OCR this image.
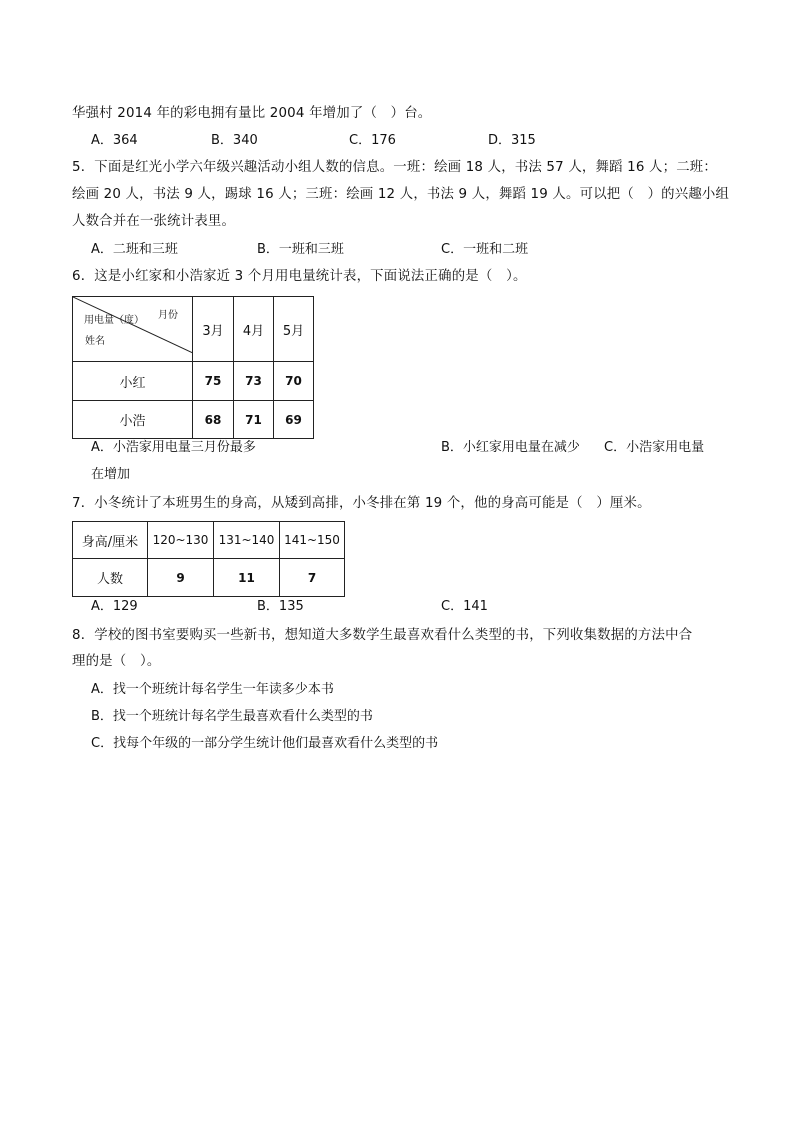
华强村 2014 年的彩电拥有量比 2004 年增加了（　）台。
A．364	B．340	C．176	D．315
5．下面是红光小学六年级兴趣活动小组人数的信息。一班：绘画 18 人，书法 57 人，舞蹈 16 人；二班：
绘画 20 人，书法 9 人，踢球 16 人；三班：绘画 12 人，书法 9 人，舞蹈 19 人。可以把（　）的兴趣小组
人数合并在一张统计表里。
A．二班和三班	B．一班和三班	C．一班和二班
6．这是小红家和小浩家近 3 个月用电量统计表，下面说法正确的是（　）。
月份
用电量（度）
姓名	3月	4月	5月
小红	75	73	70
小浩	68	71	69
A．小浩家用电量三月份最多	B．小红家用电量在减少 C．小浩家用电量
在增加
7．小冬统计了本班男生的身高，从矮到高排，小冬排在第 19 个，他的身高可能是（　）厘米。
身高/厘米	120~130	131~140	141~150
人数	9	11	7
A．129	B．135	C．141
8．学校的图书室要购买一些新书，想知道大多数学生最喜欢看什么类型的书，下列收集数据的方法中合
理的是（　）。
A．找一个班统计每名学生一年读多少本书
B．找一个班统计每名学生最喜欢看什么类型的书
C．找每个年级的一部分学生统计他们最喜欢看什么类型的书
